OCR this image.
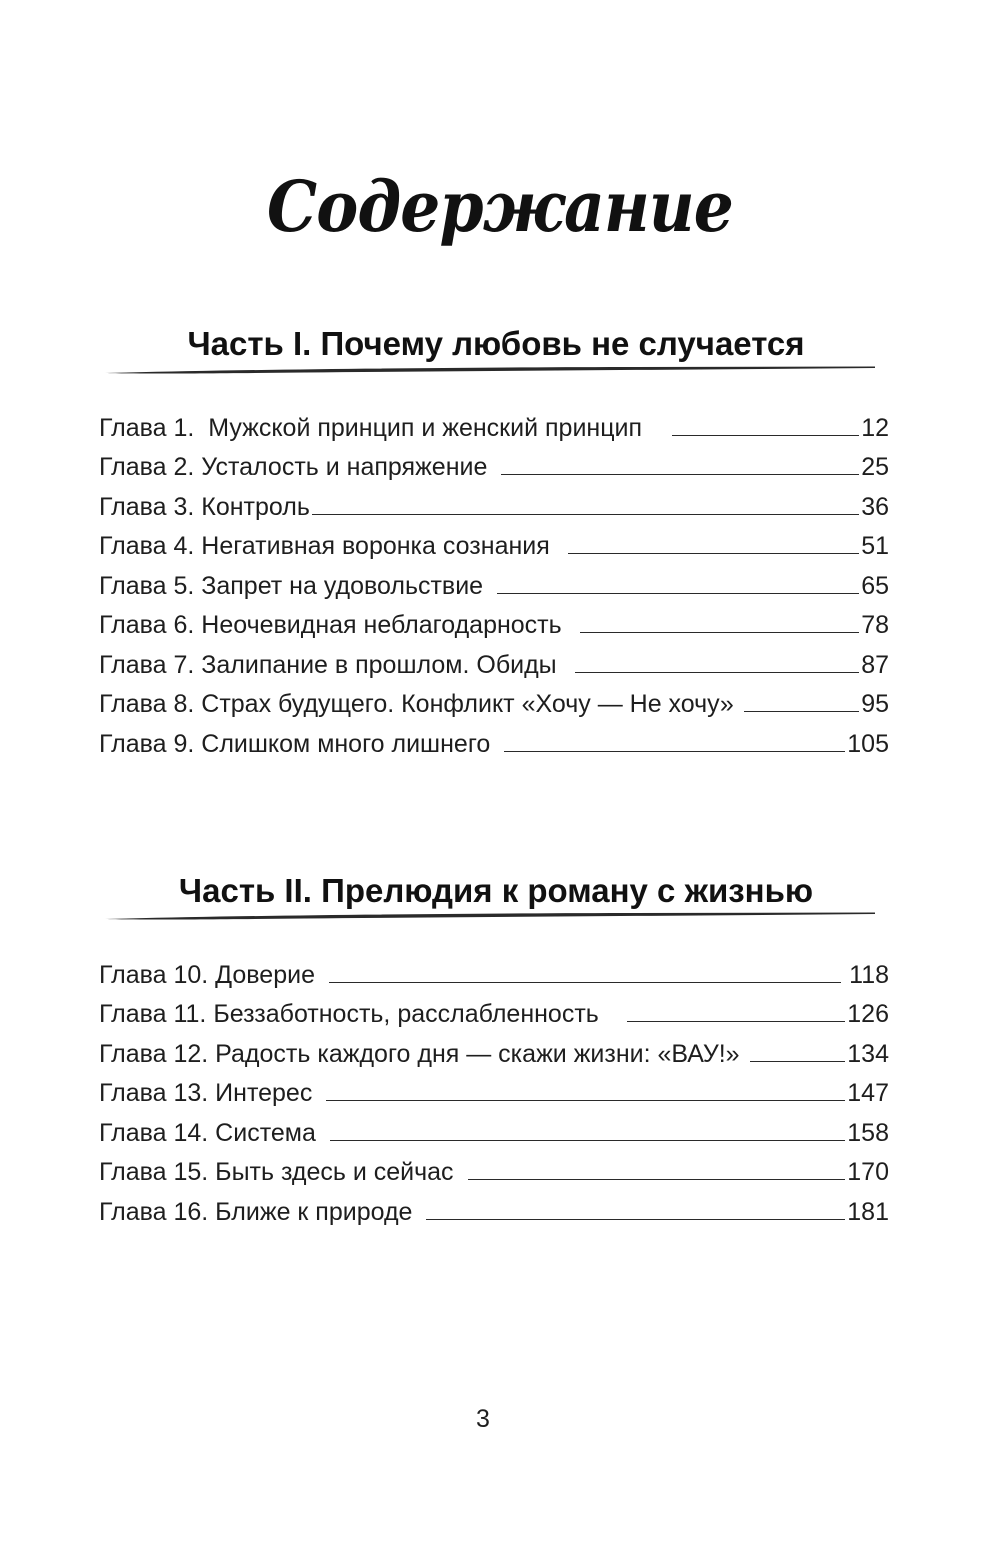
Содержание
Часть I. Почему любовь не случается
Глава 1.  Мужской принцип и женский принцип	12
Глава 2. Усталость и напряжение	25
Глава 3. Контроль	36
Глава 4. Негативная воронка сознания	51
Глава 5. Запрет на удовольствие	65
Глава 6. Неочевидная неблагодарность	78
Глава 7. Залипание в прошлом. Обиды	87
Глава 8. Страх будущего. Конфликт «Хочу — Не хочу»	95
Глава 9. Слишком много лишнего	105
Часть II. Прелюдия к роману с жизнью
Глава 10. Доверие	118
Глава 11. Беззаботность, расслабленность	126
Глава 12. Радость каждого дня — скажи жизни: «ВАУ!»	134
Глава 13. Интерес	147
Глава 14. Система	158
Глава 15. Быть здесь и сейчас	170
Глава 16. Ближе к природе	181
3
